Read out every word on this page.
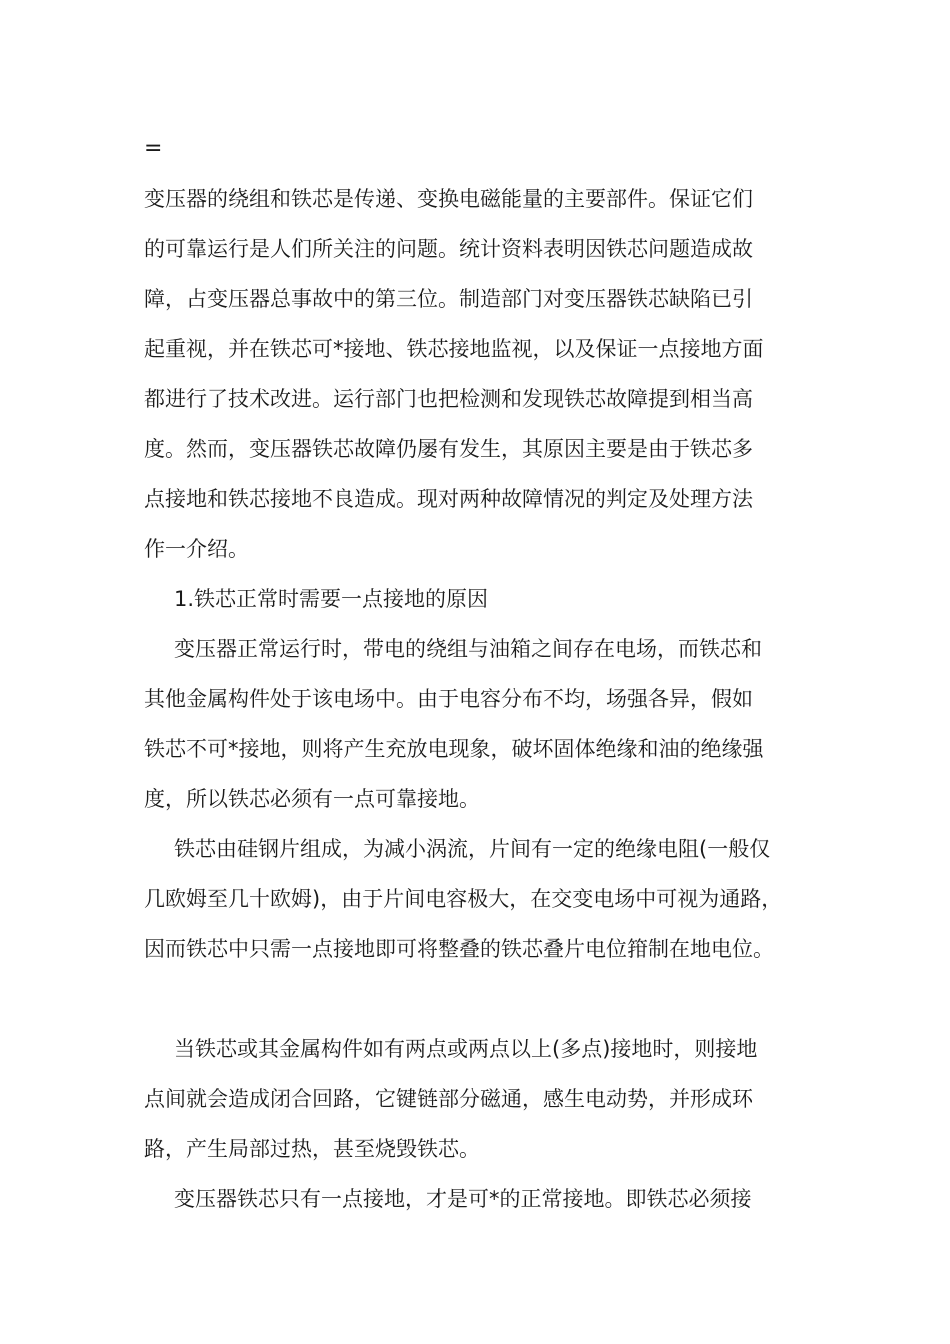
=

变压器的绕组和铁芯是传递、变换电磁能量的主要部件。保证它们
的可靠运行是人们所关注的问题。统计资料表明因铁芯问题造成故
障，占变压器总事故中的第三位。制造部门对变压器铁芯缺陷已引
起重视，并在铁芯可*接地、铁芯接地监视，以及保证一点接地方面
都进行了技术改进。运行部门也把检测和发现铁芯故障提到相当高
度。然而，变压器铁芯故障仍屡有发生，其原因主要是由于铁芯多
点接地和铁芯接地不良造成。现对两种故障情况的判定及处理方法
作一介绍。

1.铁芯正常时需要一点接地的原因

变压器正常运行时，带电的绕组与油箱之间存在电场，而铁芯和
其他金属构件处于该电场中。由于电容分布不均，场强各异，假如
铁芯不可*接地，则将产生充放电现象，破坏固体绝缘和油的绝缘强
度，所以铁芯必须有一点可靠接地。

铁芯由硅钢片组成，为减小涡流，片间有一定的绝缘电阻(一般仅
几欧姆至几十欧姆)，由于片间电容极大，在交变电场中可视为通路，
因而铁芯中只需一点接地即可将整叠的铁芯叠片电位箝制在地电位。

当铁芯或其金属构件如有两点或两点以上(多点)接地时，则接地
点间就会造成闭合回路，它键链部分磁通，感生电动势，并形成环
路，产生局部过热，甚至烧毁铁芯。

变压器铁芯只有一点接地，才是可*的正常接地。即铁芯必须接
